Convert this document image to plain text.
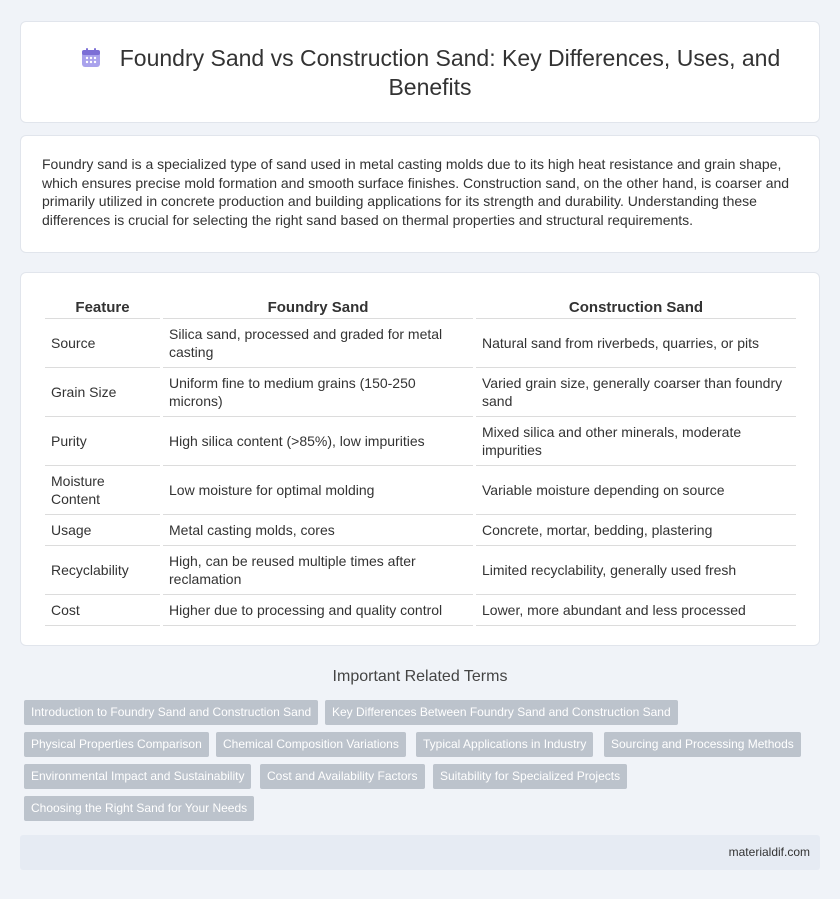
Foundry Sand vs Construction Sand: Key Differences, Uses, and Benefits

Foundry sand is a specialized type of sand used in metal casting molds due to its high heat resistance and grain shape, which ensures precise mold formation and smooth surface finishes. Construction sand, on the other hand, is coarser and primarily utilized in concrete production and building applications for its strength and durability. Understanding these differences is crucial for selecting the right sand based on thermal properties and structural requirements.

Feature	Foundry Sand	Construction Sand
Source	Silica sand, processed and graded for metal casting	Natural sand from riverbeds, quarries, or pits
Grain Size	Uniform fine to medium grains (150-250 microns)	Varied grain size, generally coarser than foundry sand
Purity	High silica content (>85%), low impurities	Mixed silica and other minerals, moderate impurities
Moisture Content	Low moisture for optimal molding	Variable moisture depending on source
Usage	Metal casting molds, cores	Concrete, mortar, bedding, plastering
Recyclability	High, can be reused multiple times after reclamation	Limited recyclability, generally used fresh
Cost	Higher due to processing and quality control	Lower, more abundant and less processed
Important Related Terms
Introduction to Foundry Sand and Construction Sand	Key Differences Between Foundry Sand and Construction Sand
Physical Properties Comparison	Chemical Composition Variations	Typical Applications in Industry	Sourcing and Processing Methods
Environmental Impact and Sustainability	Cost and Availability Factors	Suitability for Specialized Projects
Choosing the Right Sand for Your Needs
materialdif.com
